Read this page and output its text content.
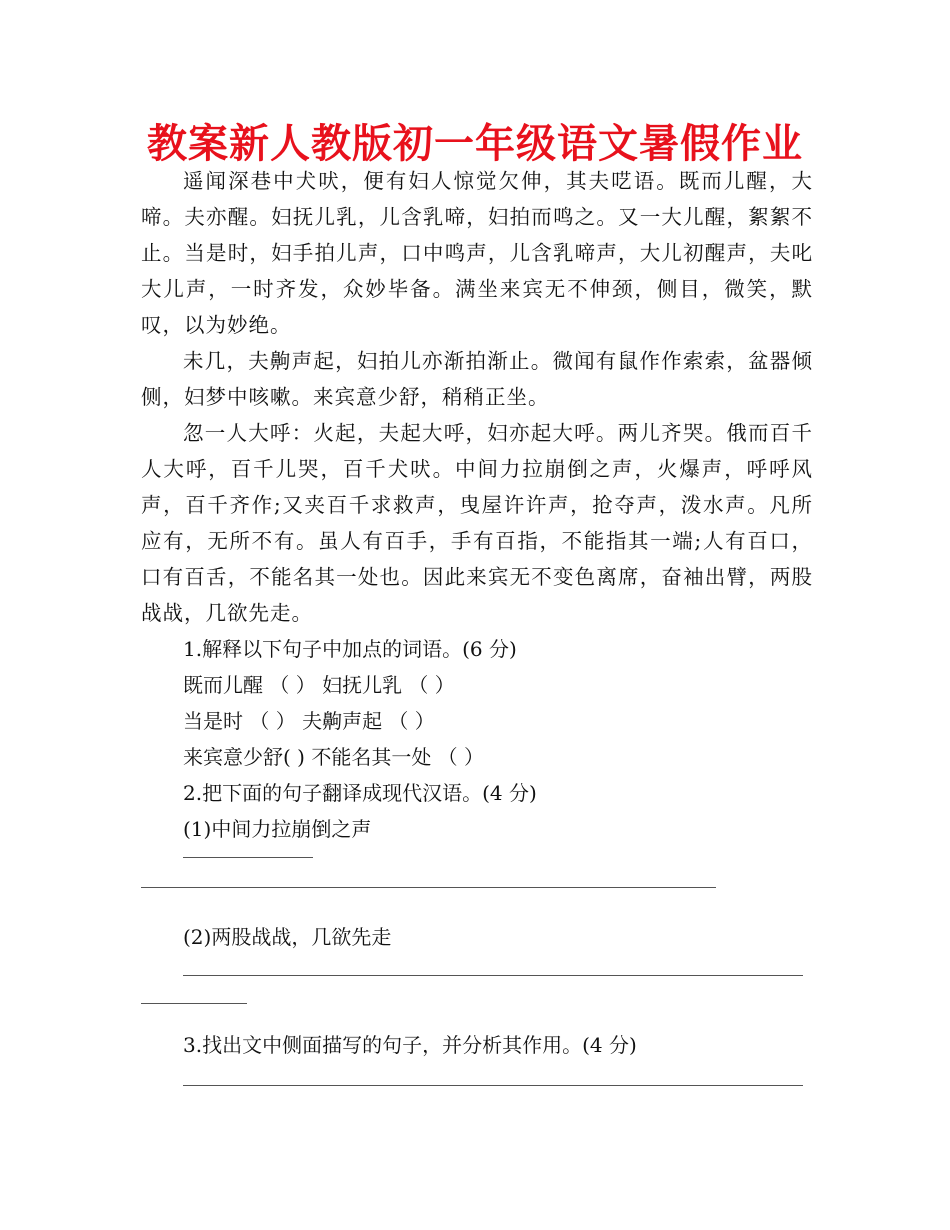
教案新人教版初一年级语文暑假作业

遥闻深巷中犬吠，便有妇人惊觉欠伸，其夫呓语。既而儿醒，大啼。夫亦醒。妇抚儿乳，儿含乳啼，妇拍而鸣之。又一大儿醒，絮絮不止。当是时，妇手拍儿声，口中鸣声，儿含乳啼声，大儿初醒声，夫叱大儿声，一时齐发，众妙毕备。满坐来宾无不伸颈，侧目，微笑，默叹，以为妙绝。

未几，夫齁声起，妇拍儿亦渐拍渐止。微闻有鼠作作索索，盆器倾侧，妇梦中咳嗽。来宾意少舒，稍稍正坐。

忽一人大呼：火起，夫起大呼，妇亦起大呼。两儿齐哭。俄而百千人大呼，百千儿哭，百千犬吠。中间力拉崩倒之声，火爆声，呼呼风声，百千齐作;又夹百千求救声，曳屋许许声，抢夺声，泼水声。凡所应有，无所不有。虽人有百手，手有百指，不能指其一端;人有百口，口有百舌，不能名其一处也。因此来宾无不变色离席，奋袖出臂，两股战战，几欲先走。

1.解释以下句子中加点的词语。(6 分)
既而儿醒 （ ） 妇抚儿乳 （ ）
当是时 （ ） 夫齁声起 （ ）
来宾意少舒( ) 不能名其一处 （ ）
2.把下面的句子翻译成现代汉语。(4 分)
(1)中间力拉崩倒之声
(2)两股战战，几欲先走
3.找出文中侧面描写的句子，并分析其作用。(4 分)
